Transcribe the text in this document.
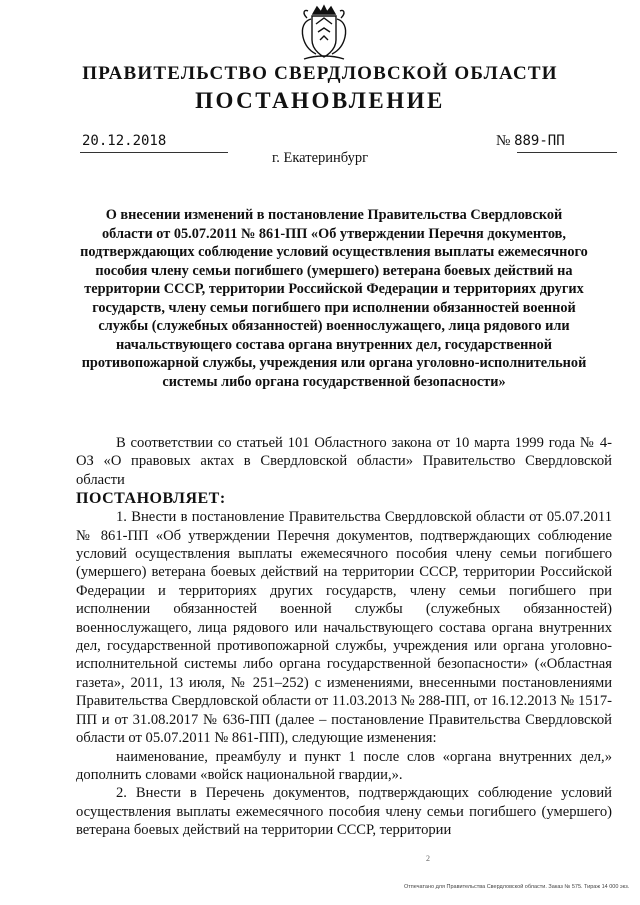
ПРАВИТЕЛЬСТВО СВЕРДЛОВСКОЙ ОБЛАСТИ
ПОСТАНОВЛЕНИЕ
20.12.2018	№ 889-ПП
г. Екатеринбург
О внесении изменений в постановление Правительства Свердловской области от 05.07.2011 № 861-ПП «Об утверждении Перечня документов, подтверждающих соблюдение условий осуществления выплаты ежемесячного пособия члену семьи погибшего (умершего) ветерана боевых действий на территории СССР, территории Российской Федерации и территориях других государств, члену семьи погибшего при исполнении обязанностей военной службы (служебных обязанностей) военнослужащего, лица рядового или начальствующего состава органа внутренних дел, государственной противопожарной службы, учреждения или органа уголовно-исполнительной системы либо органа государственной безопасности»

В соответствии со статьей 101 Областного закона от 10 марта 1999 года № 4-ОЗ «О правовых актах в Свердловской области» Правительство Свердловской области

ПОСТАНОВЛЯЕТ:

1. Внести в постановление Правительства Свердловской области от 05.07.2011 № 861-ПП «Об утверждении Перечня документов, подтверждающих соблюдение условий осуществления выплаты ежемесячного пособия члену семьи погибшего (умершего) ветерана боевых действий на территории СССР, территории Российской Федерации и территориях других государств, члену семьи погибшего при исполнении обязанностей военной службы (служебных обязанностей) военнослужащего, лица рядового или начальствующего состава органа внутренних дел, государственной противопожарной службы, учреждения или органа уголовно-исполнительной системы либо органа государственной безопасности» («Областная газета», 2011, 13 июля, № 251–252) с изменениями, внесенными постановлениями Правительства Свердловской области от 11.03.2013 № 288-ПП, от 16.12.2013 № 1517-ПП и от 31.08.2017 № 636-ПП (далее – постановление Правительства Свердловской области от 05.07.2011 № 861-ПП), следующие изменения:

наименование, преамбулу и пункт 1 после слов «органа внутренних дел,» дополнить словами «войск национальной гвардии,».

2. Внести в Перечень документов, подтверждающих соблюдение условий осуществления выплаты ежемесячного пособия члену семьи погибшего (умершего) ветерана боевых действий на территории СССР, территории

2
Отпечатано для Правительства Свердловской области. Заказ № 575. Тираж 14 000 экз.
